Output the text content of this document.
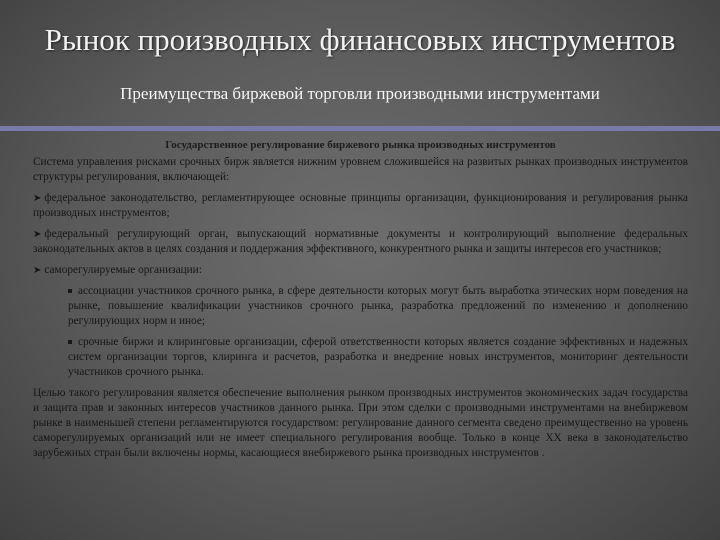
Рынок производных финансовых инструментов
Преимущества биржевой торговли производными инструментами

Государственное регулирование биржевого рынка производных инструментов

Система управления рисками срочных бирж является нижним уровнем сложившейся на развитых рынках производных инструментов структуры регулирования, включающей:

➤ федеральное законодательство, регламентирующее основные принципы организации, функционирования и регулирования рынка производных инструментов;

➤ федеральный регулирующий орган, выпускающий нормативные документы и контролирующий выполнение федеральных законодательных актов в целях создания и поддержания эффективного, конкурентного рынка и защиты интересов его участников;

➤ саморегулируемые организации:

ассоциации участников срочного рынка, в сфере деятельности которых могут быть выработка этических норм поведения на рынке, повышение квалификации участников срочного рынка, разработка предложений по изменению и дополнению регулирующих норм и иное;

срочные биржи и клиринговые организации, сферой ответственности которых является создание эффективных и надежных систем организации торгов, клиринга и расчетов, разработка и внедрение новых инструментов, мониторинг деятельности участников срочного рынка.

Целью такого регулирования является обеспечение выполнения рынком производных инструментов экономических задач государства и защита прав и законных интересов участников данного рынка. При этом сделки с производными инструментами на внебиржевом рынке в наименьшей степени регламентируются государством: регулирование данного сегмента сведено преимущественно на уровень саморегулируемых организаций или не имеет специального регулирования вообще. Только в конце XX века в законодательство зарубежных стран были включены нормы, касающиеся внебиржевого рынка производных инструментов .
